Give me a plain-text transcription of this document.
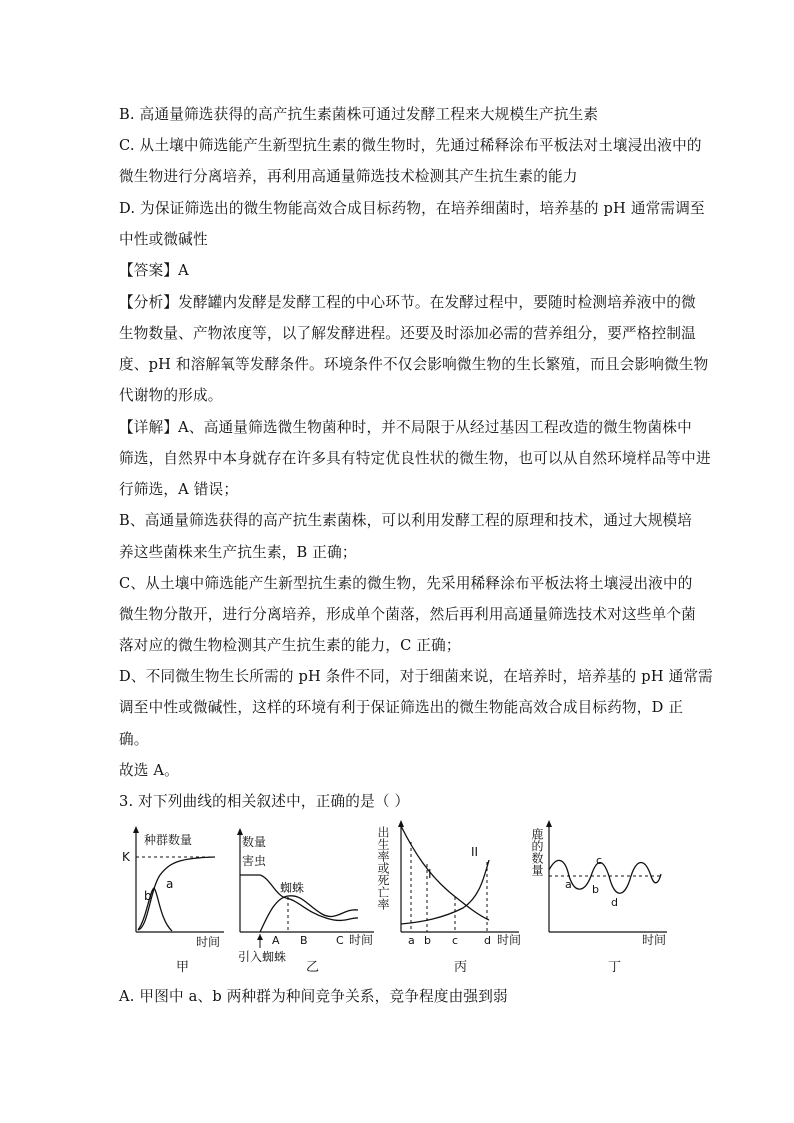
B. 高通量筛选获得的高产抗生素菌株可通过发酵工程来大规模生产抗生素
C. 从土壤中筛选能产生新型抗生素的微生物时，先通过稀释涂布平板法对土壤浸出液中的
微生物进行分离培养，再利用高通量筛选技术检测其产生抗生素的能力
D. 为保证筛选出的微生物能高效合成目标药物，在培养细菌时，培养基的 pH 通常需调至
中性或微碱性
【答案】A
【分析】发酵罐内发酵是发酵工程的中心环节。在发酵过程中，要随时检测培养液中的微
生物数量、产物浓度等，以了解发酵进程。还要及时添加必需的营养组分，要严格控制温
度、pH 和溶解氧等发酵条件。环境条件不仅会影响微生物的生长繁殖，而且会影响微生物
代谢物的形成。
【详解】A、高通量筛选微生物菌种时，并不局限于从经过基因工程改造的微生物菌株中
筛选，自然界中本身就存在许多具有特定优良性状的微生物，也可以从自然环境样品等中进
行筛选，A 错误；
B、高通量筛选获得的高产抗生素菌株，可以利用发酵工程的原理和技术，通过大规模培
养这些菌株来生产抗生素，B 正确；
C、从土壤中筛选能产生新型抗生素的微生物，先采用稀释涂布平板法将土壤浸出液中的
微生物分散开，进行分离培养，形成单个菌落，然后再利用高通量筛选技术对这些单个菌
落对应的微生物检测其产生抗生素的能力，C 正确；
D、不同微生物生长所需的 pH 条件不同，对于细菌来说，在培养时，培养基的 pH 通常需
调至中性或微碱性，这样的环境有利于保证筛选出的微生物能高效合成目标药物，D 正
确。
故选 A。
3. 对下列曲线的相关叙述中，正确的是（ ）
种群数量
K
a
b
时间
甲
数量
害虫
蜘蛛
A B	C 时间
引入蜘蛛
乙
出生率或死亡率	I
II
a b c d 时间
丙
鹿的数量
a b
c
d
时间
丁
A. 甲图中 a、b 两种群为种间竞争关系，竞争程度由强到弱
